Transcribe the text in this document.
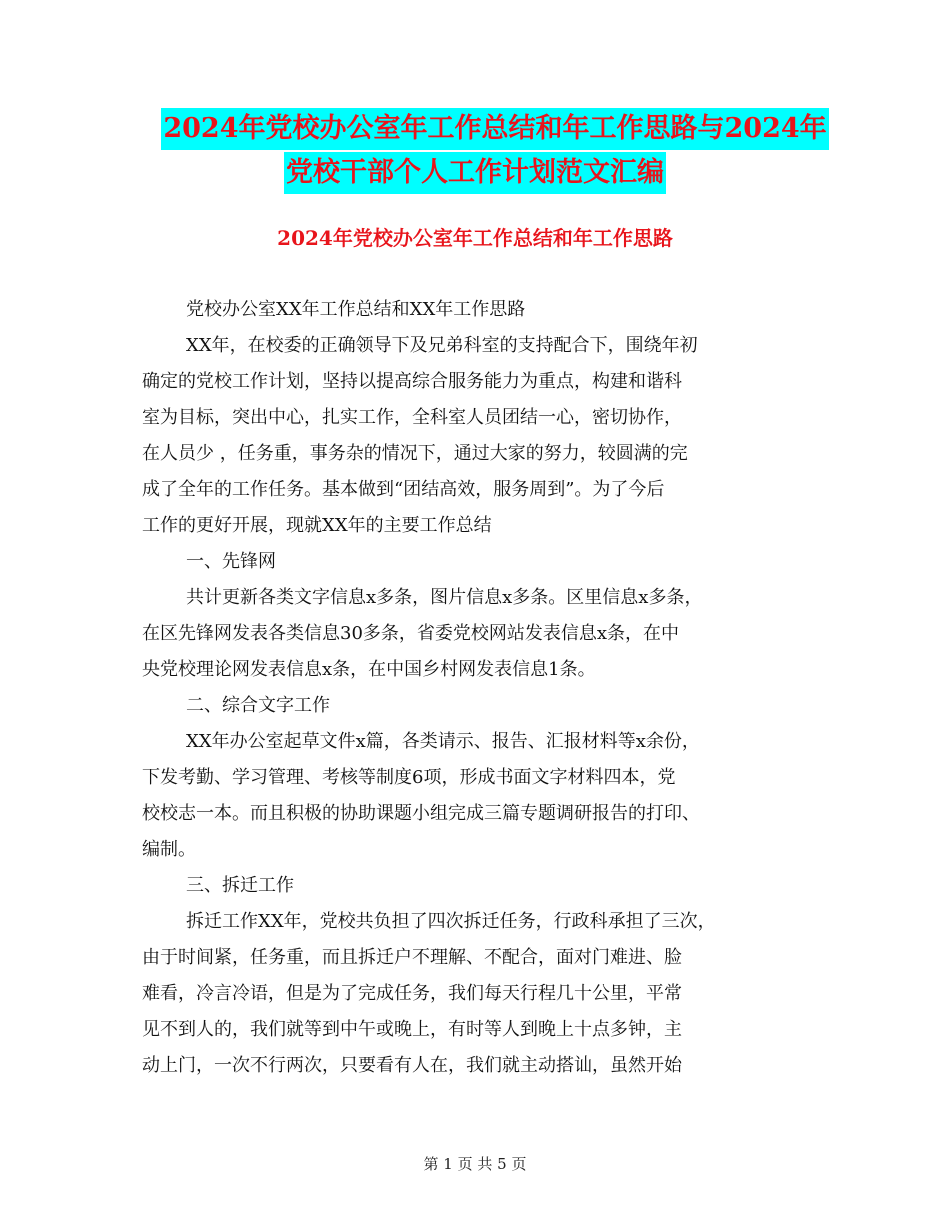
2024年党校办公室年工作总结和年工作思路与2024年
党校干部个人工作计划范文汇编
2024年党校办公室年工作总结和年工作思路
党校办公室XX年工作总结和XX年工作思路
XX年，在校委的正确领导下及兄弟科室的支持配合下，围绕年初
确定的党校工作计划，坚持以提高综合服务能力为重点，构建和谐科
室为目标，突出中心，扎实工作，全科室人员团结一心，密切协作，
在人员少 ，任务重，事务杂的情况下，通过大家的努力，较圆满的完
成了全年的工作任务。基本做到“团结高效，服务周到”。为了今后
工作的更好开展，现就XX年的主要工作总结
一、先锋网
共计更新各类文字信息x多条，图片信息x多条。区里信息x多条，
在区先锋网发表各类信息30多条，省委党校网站发表信息x条，在中
央党校理论网发表信息x条，在中国乡村网发表信息1条。
二、综合文字工作
XX年办公室起草文件x篇，各类请示、报告、汇报材料等x余份，
下发考勤、学习管理、考核等制度6项，形成书面文字材料四本，党
校校志一本。而且积极的协助课题小组完成三篇专题调研报告的打印、
编制。
三、拆迁工作
拆迁工作XX年，党校共负担了四次拆迁任务，行政科承担了三次，
由于时间紧，任务重，而且拆迁户不理解、不配合，面对门难进、脸
难看，冷言冷语，但是为了完成任务，我们每天行程几十公里，平常
见不到人的，我们就等到中午或晚上，有时等人到晚上十点多钟，主
动上门，一次不行两次，只要看有人在，我们就主动搭讪，虽然开始
第 1 页 共 5 页
